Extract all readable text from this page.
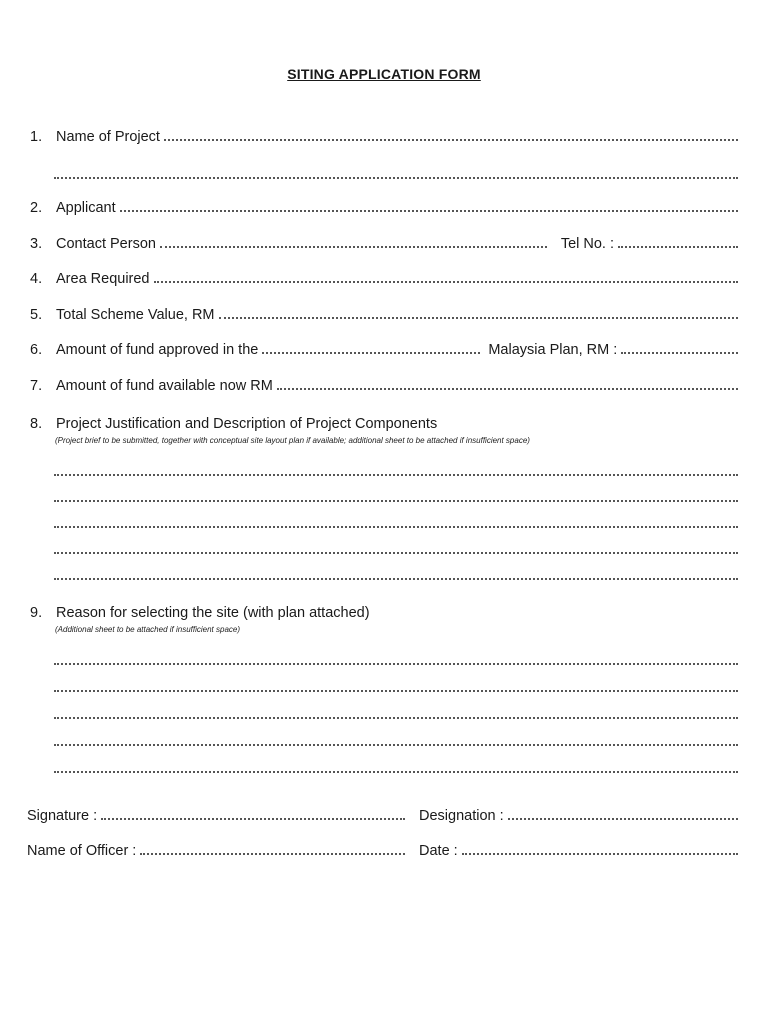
SITING APPLICATION FORM
1. Name of Project
2. Applicant
3. Contact Person	Tel No. :
4. Area Required
5. Total Scheme Value, RM
6. Amount of fund approved in the	Malaysia Plan, RM :
7. Amount of fund available now RM
8. Project Justification and Description of Project Components
(Project brief to be submitted, together with conceptual site layout plan if available; additional sheet to be attached if insufficient space)
9. Reason for selecting the site (with plan attached)
(Additional sheet to be attached if insufficient space)
Signature :	Designation :
Name of Officer :	Date :
